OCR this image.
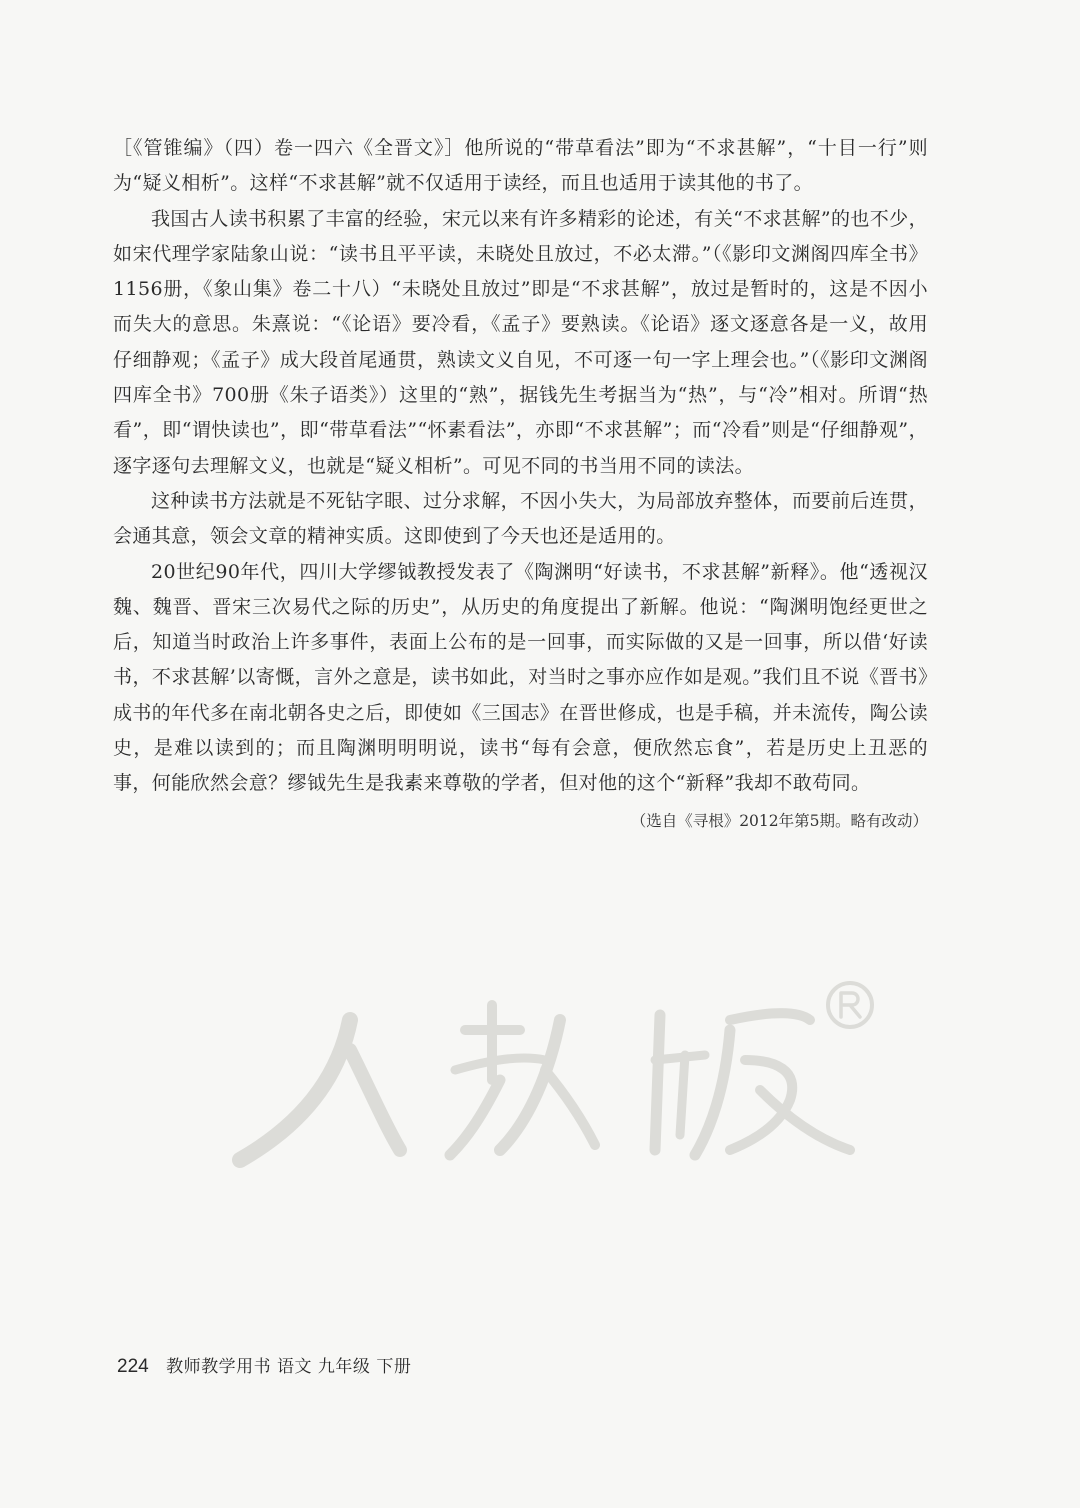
［《管锥编》（四）卷一四六《全晋文》］他所说的“带草看法”即为“不求甚解”，“十目一行”则为“疑义相析”。这样“不求甚解”就不仅适用于读经，而且也适用于读其他的书了。

我国古人读书积累了丰富的经验，宋元以来有许多精彩的论述，有关“不求甚解”的也不少，如宋代理学家陆象山说：“读书且平平读，未晓处且放过，不必太滞。”（《影印文渊阁四库全书》1156册，《象山集》卷二十八）“未晓处且放过”即是“不求甚解”，放过是暂时的，这是不因小而失大的意思。朱熹说：“《论语》要冷看，《孟子》要熟读。《论语》逐文逐意各是一义，故用仔细静观；《孟子》成大段首尾通贯，熟读文义自见，不可逐一句一字上理会也。”（《影印文渊阁四库全书》700册《朱子语类》）这里的“熟”，据钱先生考据当为“热”，与“冷”相对。所谓“热看”，即“谓快读也”，即“带草看法”“怀素看法”，亦即“不求甚解”；而“冷看”则是“仔细静观”，逐字逐句去理解文义，也就是“疑义相析”。可见不同的书当用不同的读法。

这种读书方法就是不死钻字眼、过分求解，不因小失大，为局部放弃整体，而要前后连贯，会通其意，领会文章的精神实质。这即使到了今天也还是适用的。

20世纪90年代，四川大学缪钺教授发表了《陶渊明“好读书，不求甚解”新释》。他“透视汉魏、魏晋、晋宋三次易代之际的历史”，从历史的角度提出了新解。他说：“陶渊明饱经更世之后，知道当时政治上许多事件，表面上公布的是一回事，而实际做的又是一回事，所以借‘好读书，不求甚解’以寄慨，言外之意是，读书如此，对当时之事亦应作如是观。”我们且不说《晋书》成书的年代多在南北朝各史之后，即使如《三国志》在晋世修成，也是手稿，并未流传，陶公读史，是难以读到的；而且陶渊明明明说，读书“每有会意，便欣然忘食”，若是历史上丑恶的事，何能欣然会意？缪钺先生是我素来尊敬的学者，但对他的这个“新释”我却不敢苟同。

（选自《寻根》2012年第5期。略有改动）

224 教师教学用书 语文 九年级 下册
